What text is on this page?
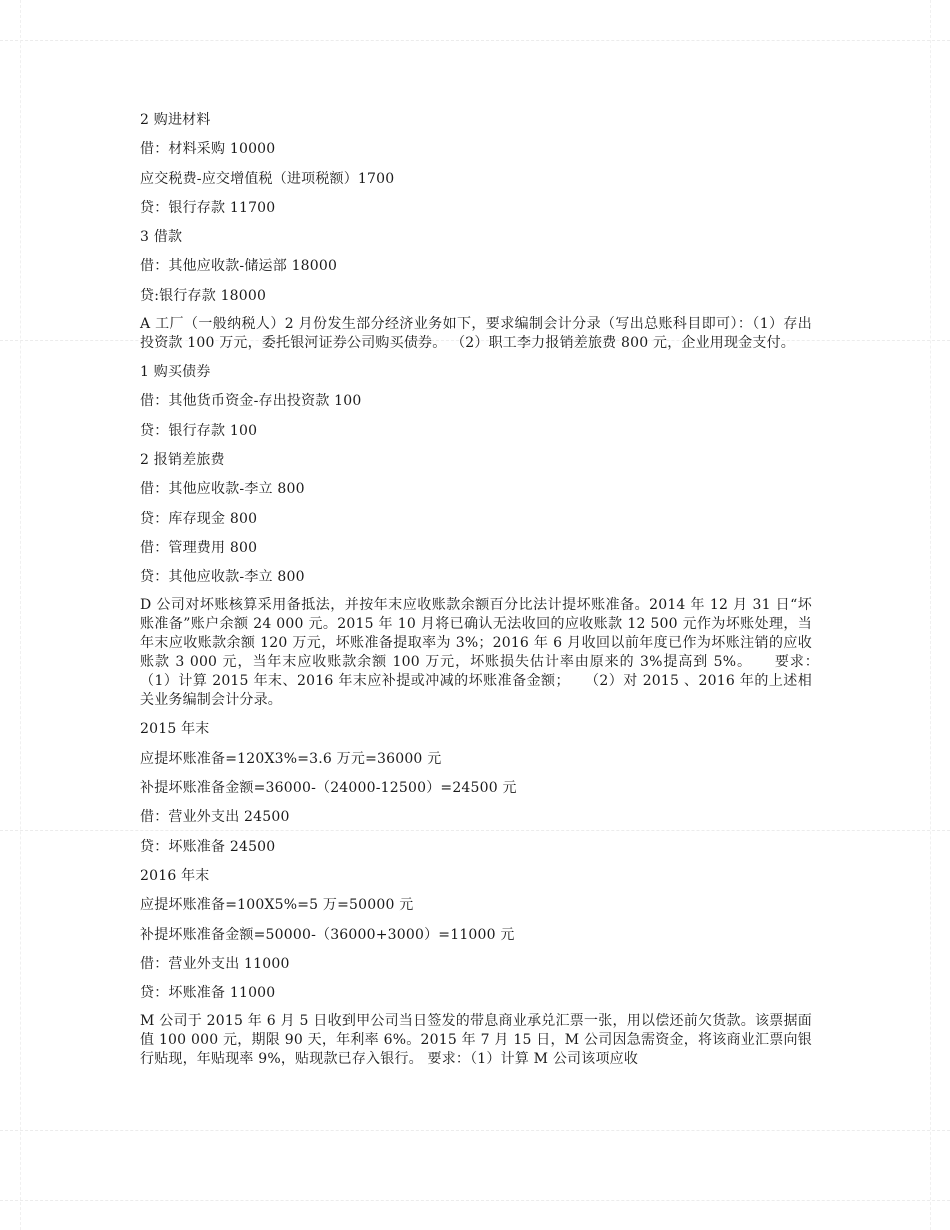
2 购进材料
借：材料采购 10000
应交税费-应交增值税（进项税额）1700
贷：银行存款 11700
3 借款
借：其他应收款-储运部 18000
贷:银行存款 18000
A 工厂（一般纳税人）2 月份发生部分经济业务如下，要求编制会计分录（写出总账科目即可）：（1）存出投资款 100 万元，委托银河证券公司购买债券。 （2）职工李力报销差旅费 800 元，企业用现金支付。
1 购买债券
借：其他货币资金-存出投资款 100
贷：银行存款 100
2 报销差旅费
借：其他应收款-李立 800
贷：库存现金 800
借：管理费用 800
贷：其他应收款-李立 800
D 公司对坏账核算采用备抵法，并按年末应收账款余额百分比法计提坏账准备。2014 年 12 月 31 日“坏账准备”账户余额 24 000 元。2015 年 10 月将已确认无法收回的应收账款 12 500 元作为坏账处理，当年末应收账款余额 120 万元，坏账准备提取率为 3%；2016 年 6 月收回以前年度已作为坏账注销的应收账款 3 000 元，当年末应收账款余额 100 万元，坏账损失估计率由原来的 3%提高到 5%。　　要求：　　（1）计算 2015 年末、2016 年末应补提或冲减的坏账准备金额；　　（2）对 2015 、2016 年的上述相关业务编制会计分录。
2015 年末
应提坏账准备=120X3%=3.6 万元=36000 元
补提坏账准备金额=36000-（24000-12500）=24500 元
借：营业外支出 24500
贷：坏账准备 24500
2016 年末
应提坏账准备=100X5%=5 万=50000 元
补提坏账准备金额=50000-（36000+3000）=11000 元
借：营业外支出 11000
贷：坏账准备 11000
M 公司于 2015 年 6 月 5 日收到甲公司当日签发的带息商业承兑汇票一张，用以偿还前欠货款。该票据面值 100 000 元，期限 90 天，年利率 6%。2015 年 7 月 15 日，M 公司因急需资金，将该商业汇票向银行贴现，年贴现率 9%，贴现款已存入银行。 要求：（1）计算 M 公司该项应收
